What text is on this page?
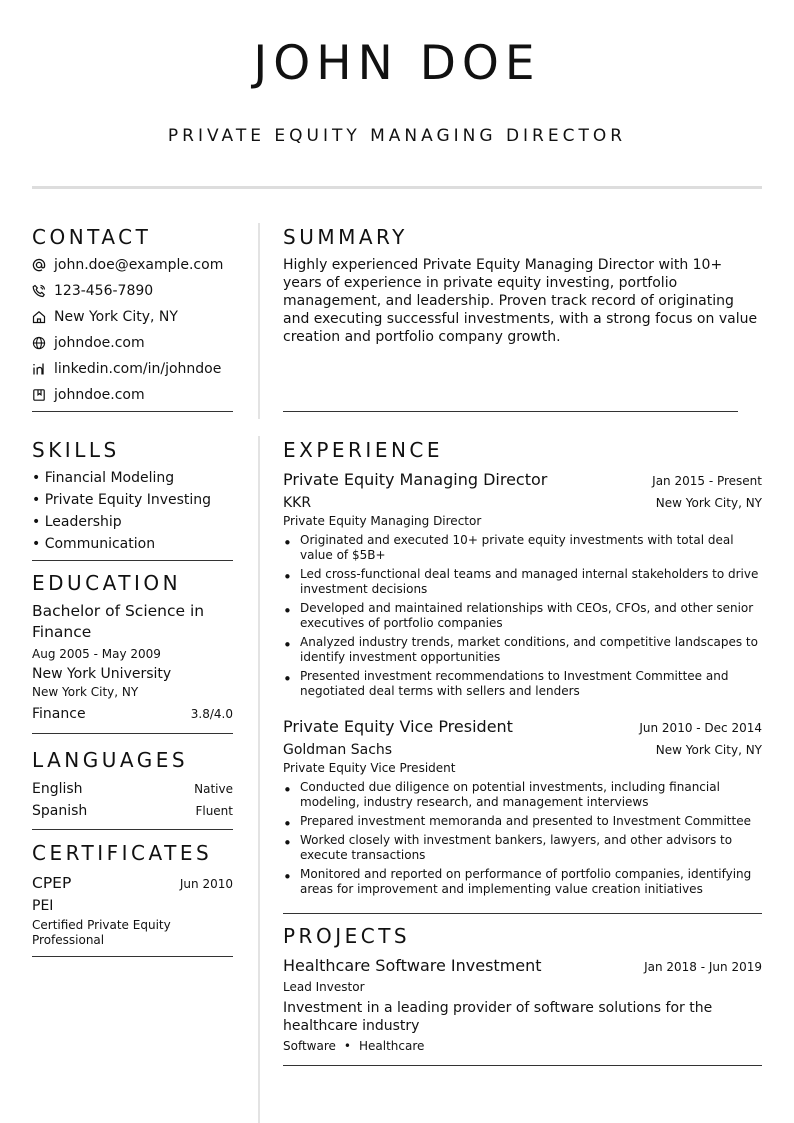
JOHN DOE
PRIVATE EQUITY MANAGING DIRECTOR
CONTACT
john.doe@example.com
123-456-7890
New York City, NY
johndoe.com
linkedin.com/in/johndoe
johndoe.com
SKILLS
• Financial Modeling
• Private Equity Investing
• Leadership
• Communication
EDUCATION
Bachelor of Science in Finance
Aug 2005 - May 2009
New York University
New York City, NY
Finance	3.8/4.0
LANGUAGES
English	Native
Spanish	Fluent
CERTIFICATES
CPEP	Jun 2010
PEI
Certified Private Equity Professional
SUMMARY
Highly experienced Private Equity Managing Director with 10+ years of experience in private equity investing, portfolio management, and leadership. Proven track record of originating and executing successful investments, with a strong focus on value creation and portfolio company growth.
EXPERIENCE
Private Equity Managing Director	Jan 2015 - Present
KKR	New York City, NY
Private Equity Managing Director
• Originated and executed 10+ private equity investments with total deal value of $5B+
• Led cross-functional deal teams and managed internal stakeholders to drive investment decisions
• Developed and maintained relationships with CEOs, CFOs, and other senior executives of portfolio companies
• Analyzed industry trends, market conditions, and competitive landscapes to identify investment opportunities
• Presented investment recommendations to Investment Committee and negotiated deal terms with sellers and lenders
Private Equity Vice President	Jun 2010 - Dec 2014
Goldman Sachs	New York City, NY
Private Equity Vice President
• Conducted due diligence on potential investments, including financial modeling, industry research, and management interviews
• Prepared investment memoranda and presented to Investment Committee
• Worked closely with investment bankers, lawyers, and other advisors to execute transactions
• Monitored and reported on performance of portfolio companies, identifying areas for improvement and implementing value creation initiatives
PROJECTS
Healthcare Software Investment	Jan 2018 - Jun 2019
Lead Investor
Investment in a leading provider of software solutions for the healthcare industry
Software • Healthcare
